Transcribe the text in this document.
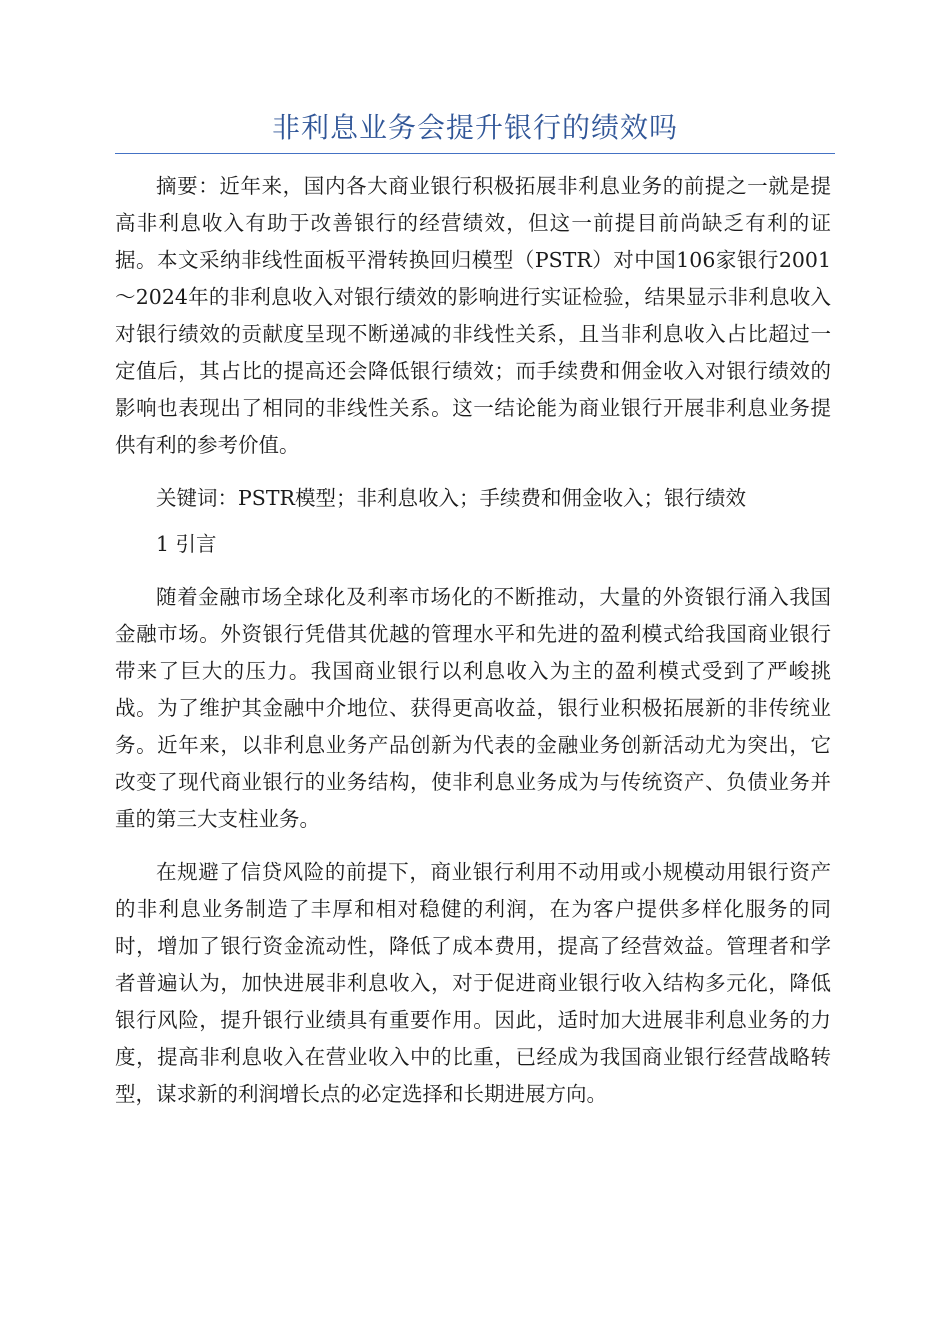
非利息业务会提升银行的绩效吗

摘要：近年来，国内各大商业银行积极拓展非利息业务的前提之一就是提高非利息收入有助于改善银行的经营绩效，但这一前提目前尚缺乏有利的证据。本文采纳非线性面板平滑转换回归模型（PSTR）对中国106家银行2001～2024年的非利息收入对银行绩效的影响进行实证检验，结果显示非利息收入对银行绩效的贡献度呈现不断递减的非线性关系，且当非利息收入占比超过一定值后，其占比的提高还会降低银行绩效；而手续费和佣金收入对银行绩效的影响也表现出了相同的非线性关系。这一结论能为商业银行开展非利息业务提供有利的参考价值。

关键词：PSTR模型；非利息收入；手续费和佣金收入；银行绩效

1 引言

随着金融市场全球化及利率市场化的不断推动，大量的外资银行涌入我国金融市场。外资银行凭借其优越的管理水平和先进的盈利模式给我国商业银行带来了巨大的压力。我国商业银行以利息收入为主的盈利模式受到了严峻挑战。为了维护其金融中介地位、获得更高收益，银行业积极拓展新的非传统业务。近年来，以非利息业务产品创新为代表的金融业务创新活动尤为突出，它改变了现代商业银行的业务结构，使非利息业务成为与传统资产、负债业务并重的第三大支柱业务。

在规避了信贷风险的前提下，商业银行利用不动用或小规模动用银行资产的非利息业务制造了丰厚和相对稳健的利润，在为客户提供多样化服务的同时，增加了银行资金流动性，降低了成本费用，提高了经营效益。管理者和学者普遍认为，加快进展非利息收入，对于促进商业银行收入结构多元化，降低银行风险，提升银行业绩具有重要作用。因此，适时加大进展非利息业务的力度，提高非利息收入在营业收入中的比重，已经成为我国商业银行经营战略转型，谋求新的利润增长点的必定选择和长期进展方向。
